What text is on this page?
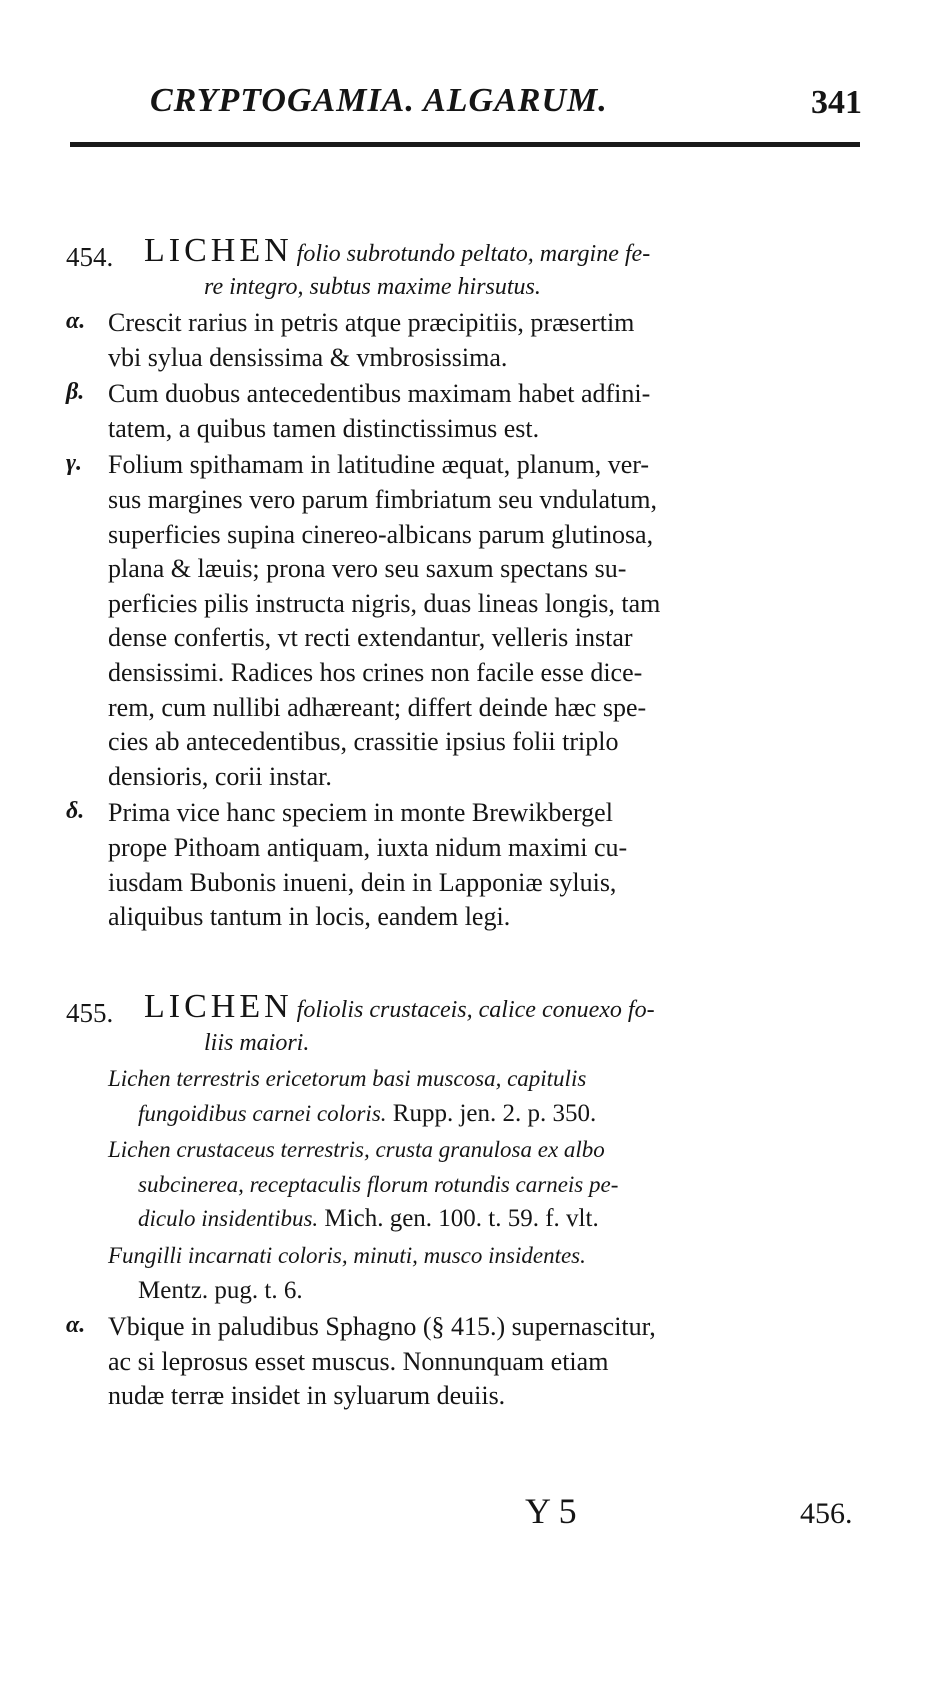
CRYPTOGAMIA. ALGARUM.	341
454. LICHEN folio subrotundo peltato, margine fe-
re integro, subtus maxime hirsutus.
α. Crescit rarius in petris atque præcipitiis, præsertim
vbi sylua densissima & vmbrosissima.
β. Cum duobus antecedentibus maximam habet adfini-
tatem, a quibus tamen distinctissimus est.
γ. Folium spithamam in latitudine æquat, planum, ver-
sus margines vero parum fimbriatum seu vndulatum,
superficies supina cinereo-albicans parum glutinosa,
plana & læuis; prona vero seu saxum spectans su-
perficies pilis instructa nigris, duas lineas longis, tam
dense confertis, vt recti extendantur, velleris instar
densissimi. Radices hos crines non facile esse dice-
rem, cum nullibi adhæreant; differt deinde hæc spe-
cies ab antecedentibus, crassitie ipsius folii triplo
densioris, corii instar.
δ. Prima vice hanc speciem in monte Brewikbergel
prope Pithoam antiquam, iuxta nidum maximi cu-
iusdam Bubonis inueni, dein in Lapponiæ syluis,
aliquibus tantum in locis, eandem legi.
455. LICHEN foliolis crustaceis, calice conuexo fo-
liis maiori.
Lichen terrestris ericetorum basi muscosa, capitulis
fungoidibus carnei coloris. Rupp. jen. 2. p. 350.
Lichen crustaceus terrestris, crusta granulosa ex albo
subcinerea, receptaculis florum rotundis carneis pe-
diculo insidentibus. Mich. gen. 100. t. 59. f. vlt.
Fungilli incarnati coloris, minuti, musco insidentes.
Mentz. pug. t. 6.
α. Vbique in paludibus Sphagno (§ 415.) supernascitur,
ac si leprosus esset muscus. Nonnunquam etiam
nudæ terræ insidet in syluarum deuiis.
Y 5	456.
